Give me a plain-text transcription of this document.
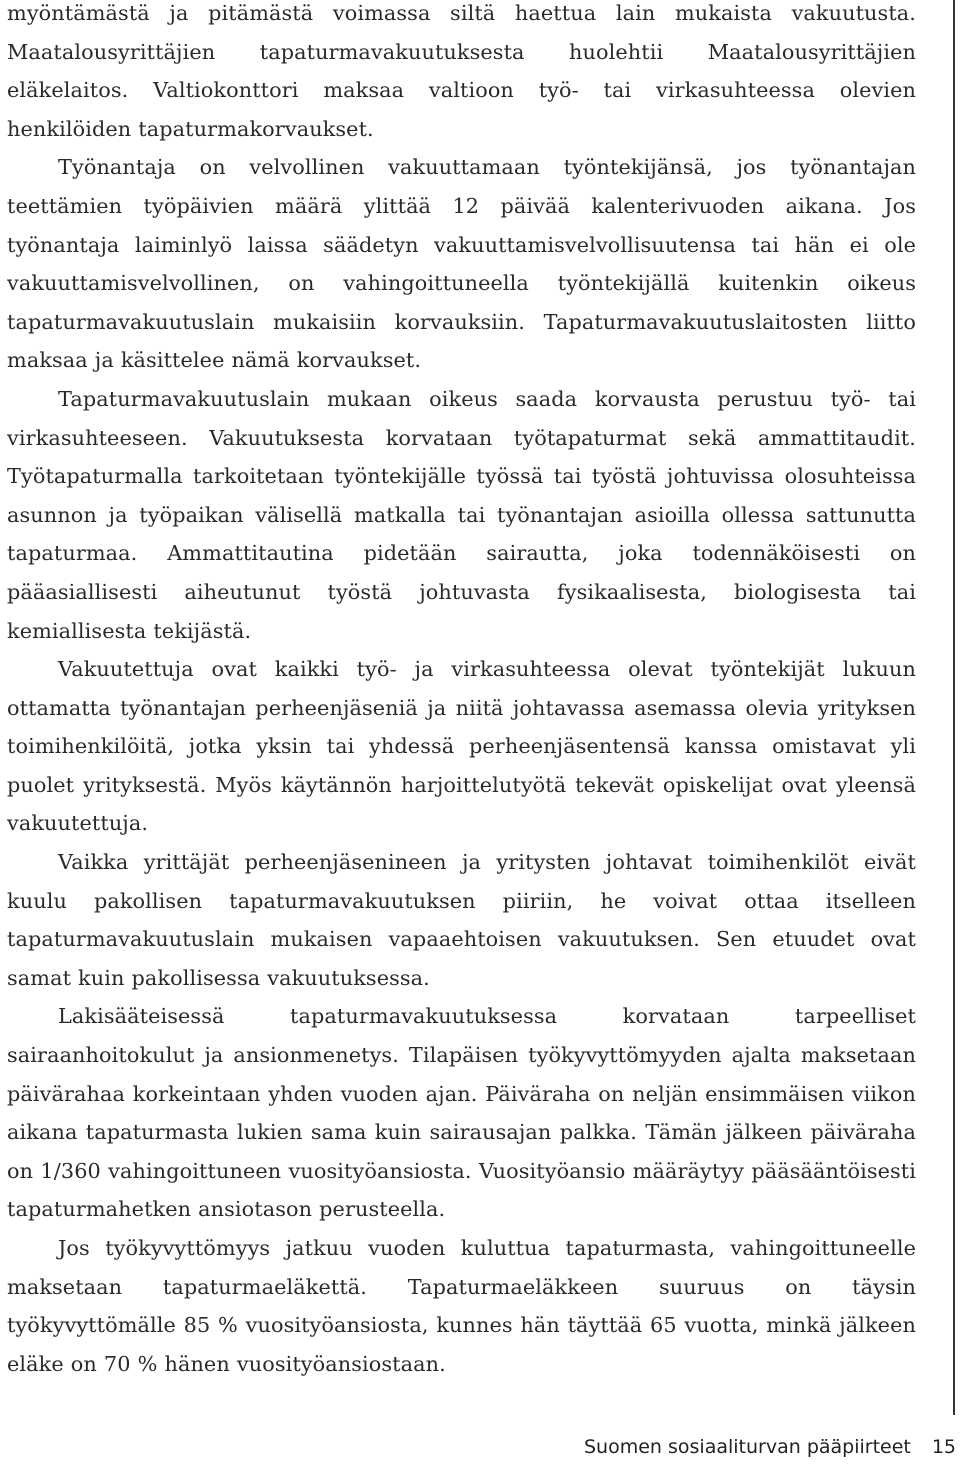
myöntämästä ja pitämästä voimassa siltä haettua lain mukaista vakuutusta. Maatalousyrittäjien tapaturmavakuutuksesta huolehtii Maatalousyrittäjien eläkelaitos. Valtiokonttori maksaa valtioon työ- tai virkasuhteessa olevien henkilöiden tapaturmakorvaukset.

Työnantaja on velvollinen vakuuttamaan työntekijänsä, jos työnantajan teettämien työpäivien määrä ylittää 12 päivää kalenterivuoden aikana. Jos työnantaja laiminlyö laissa säädetyn vakuuttamisvelvollisuutensa tai hän ei ole vakuuttamisvelvollinen, on vahingoittuneella työntekijällä kuitenkin oikeus tapaturmavakuutuslain mukaisiin korvauksiin. Tapaturmavakuutuslaitosten liitto maksaa ja käsittelee nämä korvaukset.

Tapaturmavakuutuslain mukaan oikeus saada korvausta perustuu työ- tai virkasuhteeseen. Vakuutuksesta korvataan työtapaturmat sekä ammattitaudit. Työtapaturmalla tarkoitetaan työntekijälle työssä tai työstä johtuvissa olosuhteissa asunnon ja työpaikan välisellä matkalla tai työnantajan asioilla ollessa sattunutta tapaturmaa. Ammattitautina pidetään sairautta, joka todennäköisesti on pääasiallisesti aiheutunut työstä johtuvasta fysikaalisesta, biologisesta tai kemiallisesta tekijästä.

Vakuutettuja ovat kaikki työ- ja virkasuhteessa olevat työntekijät lukuun ottamatta työnantajan perheenjäseniä ja niitä johtavassa asemassa olevia yrityksen toimihenkilöitä, jotka yksin tai yhdessä perheenjäsentensä kanssa omistavat yli puolet yrityksestä. Myös käytännön harjoittelutyötä tekevät opiskelijat ovat yleensä vakuutettuja.

Vaikka yrittäjät perheenjäsenineen ja yritysten johtavat toimihenkilöt eivät kuulu pakollisen tapaturmavakuutuksen piiriin, he voivat ottaa itselleen tapaturmavakuutuslain mukaisen vapaaehtoisen vakuutuksen. Sen etuudet ovat samat kuin pakollisessa vakuutuksessa.

Lakisääteisessä tapaturmavakuutuksessa korvataan tarpeelliset sairaanhoitokulut ja ansionmenetys. Tilapäisen työkyvyttömyyden ajalta maksetaan päivärahaa korkeintaan yhden vuoden ajan. Päiväraha on neljän ensimmäisen viikon aikana tapaturmasta lukien sama kuin sairausajan palkka. Tämän jälkeen päiväraha on 1/360 vahingoittuneen vuosityöansiosta. Vuosityöansio määräytyy pääsääntöisesti tapaturmahetken ansiotason perusteella.

Jos työkyvyttömyys jatkuu vuoden kuluttua tapaturmasta, vahingoittuneelle maksetaan tapaturmaeläkettä. Tapaturmaeläkkeen suuruus on täysin työkyvyttömälle 85 % vuosityöansiosta, kunnes hän täyttää 65 vuotta, minkä jälkeen eläke on 70 % hänen vuosityöansiostaan.

Suomen sosiaaliturvan pääpiirteet 15
